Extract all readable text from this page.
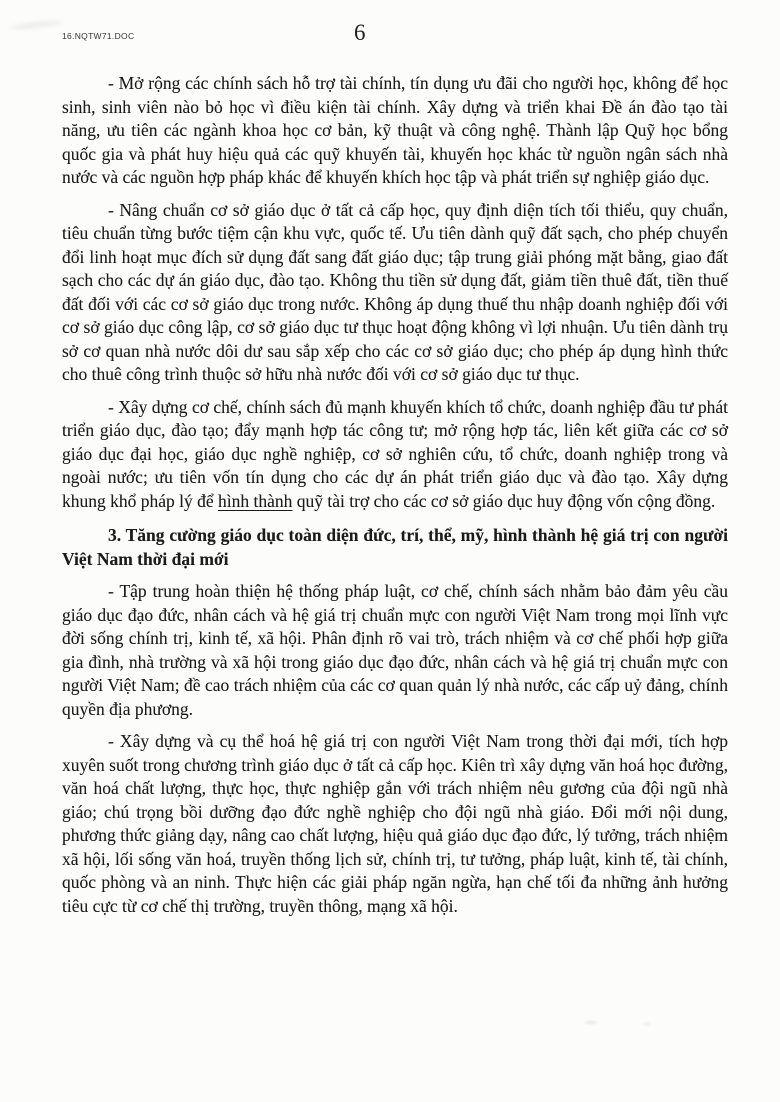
16.NQTW71.DOC	6

- Mở rộng các chính sách hỗ trợ tài chính, tín dụng ưu đãi cho người học, không để học sinh, sinh viên nào bỏ học vì điều kiện tài chính. Xây dựng và triển khai Đề án đào tạo tài năng, ưu tiên các ngành khoa học cơ bản, kỹ thuật và công nghệ. Thành lập Quỹ học bổng quốc gia và phát huy hiệu quả các quỹ khuyến tài, khuyến học khác từ nguồn ngân sách nhà nước và các nguồn hợp pháp khác để khuyến khích học tập và phát triển sự nghiệp giáo dục.

- Nâng chuẩn cơ sở giáo dục ở tất cả cấp học, quy định diện tích tối thiểu, quy chuẩn, tiêu chuẩn từng bước tiệm cận khu vực, quốc tế. Ưu tiên dành quỹ đất sạch, cho phép chuyển đổi linh hoạt mục đích sử dụng đất sang đất giáo dục; tập trung giải phóng mặt bằng, giao đất sạch cho các dự án giáo dục, đào tạo. Không thu tiền sử dụng đất, giảm tiền thuê đất, tiền thuế đất đối với các cơ sở giáo dục trong nước. Không áp dụng thuế thu nhập doanh nghiệp đối với cơ sở giáo dục công lập, cơ sở giáo dục tư thục hoạt động không vì lợi nhuận. Ưu tiên dành trụ sở cơ quan nhà nước dôi dư sau sắp xếp cho các cơ sở giáo dục; cho phép áp dụng hình thức cho thuê công trình thuộc sở hữu nhà nước đối với cơ sở giáo dục tư thục.

- Xây dựng cơ chế, chính sách đủ mạnh khuyến khích tổ chức, doanh nghiệp đầu tư phát triển giáo dục, đào tạo; đẩy mạnh hợp tác công tư; mở rộng hợp tác, liên kết giữa các cơ sở giáo dục đại học, giáo dục nghề nghiệp, cơ sở nghiên cứu, tổ chức, doanh nghiệp trong và ngoài nước; ưu tiên vốn tín dụng cho các dự án phát triển giáo dục và đào tạo. Xây dựng khung khổ pháp lý để hình thành quỹ tài trợ cho các cơ sở giáo dục huy động vốn cộng đồng.

3. Tăng cường giáo dục toàn diện đức, trí, thể, mỹ, hình thành hệ giá trị con người Việt Nam thời đại mới

- Tập trung hoàn thiện hệ thống pháp luật, cơ chế, chính sách nhằm bảo đảm yêu cầu giáo dục đạo đức, nhân cách và hệ giá trị chuẩn mực con người Việt Nam trong mọi lĩnh vực đời sống chính trị, kinh tế, xã hội. Phân định rõ vai trò, trách nhiệm và cơ chế phối hợp giữa gia đình, nhà trường và xã hội trong giáo dục đạo đức, nhân cách và hệ giá trị chuẩn mực con người Việt Nam; đề cao trách nhiệm của các cơ quan quản lý nhà nước, các cấp uỷ đảng, chính quyền địa phương.

- Xây dựng và cụ thể hoá hệ giá trị con người Việt Nam trong thời đại mới, tích hợp xuyên suốt trong chương trình giáo dục ở tất cả cấp học. Kiên trì xây dựng văn hoá học đường, văn hoá chất lượng, thực học, thực nghiệp gắn với trách nhiệm nêu gương của đội ngũ nhà giáo; chú trọng bồi dưỡng đạo đức nghề nghiệp cho đội ngũ nhà giáo. Đổi mới nội dung, phương thức giảng dạy, nâng cao chất lượng, hiệu quả giáo dục đạo đức, lý tưởng, trách nhiệm xã hội, lối sống văn hoá, truyền thống lịch sử, chính trị, tư tưởng, pháp luật, kinh tế, tài chính, quốc phòng và an ninh. Thực hiện các giải pháp ngăn ngừa, hạn chế tối đa những ảnh hưởng tiêu cực từ cơ chế thị trường, truyền thông, mạng xã hội.
